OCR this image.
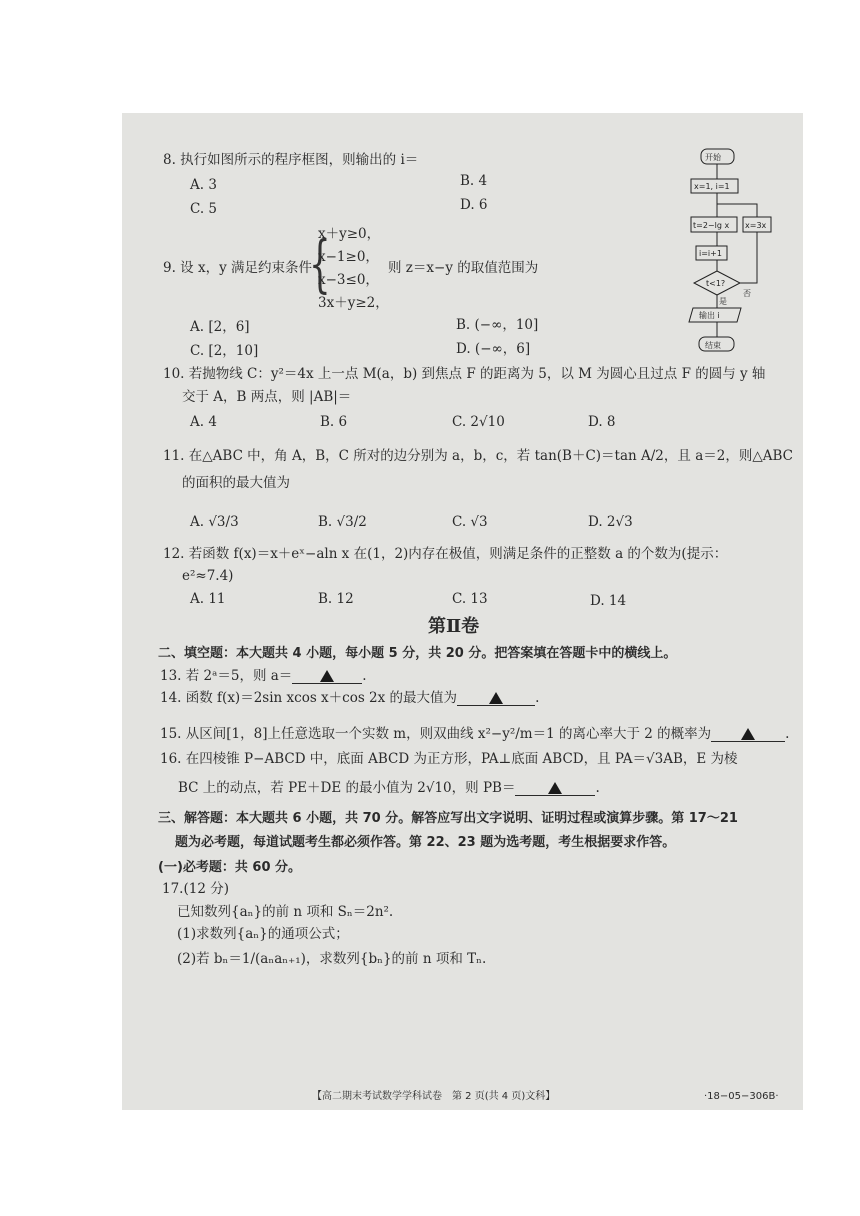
8. 执行如图所示的程序框图，则输出的 i＝
A. 3	B. 4
C. 5	D. 6
开始
x=1, i=1
t=2−lg x
i=i+1
t<1?
x=3x
是
否
输出 i
结束
9. 设 x，y 满足约束条件
{
x＋y≥0，
x−1≥0，
x−3≤0，
3x＋y≥2，
则 z＝x−y 的取值范围为
A. [2，6]	B. (−∞，10]
C. [2，10]	D. (−∞，6]
10. 若抛物线 C：y²＝4x 上一点 M(a，b) 到焦点 F 的距离为 5，以 M 为圆心且过点 F 的圆与 y 轴
交于 A，B 两点，则 |AB|＝
A. 4	B. 6	C. 2√10	D. 8
11. 在△ABC 中，角 A，B，C 所对的边分别为 a，b，c，若 tan(B＋C)＝tan A/2，且 a＝2，则△ABC
的面积的最大值为
A. √3/3	B. √3/2	C. √3	D. 2√3
12. 若函数 f(x)＝x＋eˣ−aln x 在(1，2)内存在极值，则满足条件的正整数 a 的个数为(提示：
e²≈7.4)
A. 11	B. 12	C. 13	D. 14
第Ⅱ卷
二、填空题：本大题共 4 小题，每小题 5 分，共 20 分。把答案填在答题卡中的横线上。
13. 若 2ᵃ＝5，则 a＝	.
14. 函数 f(x)＝2sin xcos x＋cos 2x 的最大值为	.
15. 从区间[1，8]上任意选取一个实数 m，则双曲线 x²−y²/m＝1 的离心率大于 2 的概率为	.
16. 在四棱锥 P−ABCD 中，底面 ABCD 为正方形，PA⊥底面 ABCD，且 PA＝√3AB，E 为棱
BC 上的动点，若 PE＋DE 的最小值为 2√10，则 PB＝	.
三、解答题：本大题共 6 小题，共 70 分。解答应写出文字说明、证明过程或演算步骤。第 17～21
题为必考题，每道试题考生都必须作答。第 22、23 题为选考题，考生根据要求作答。
(一)必考题：共 60 分。
17.(12 分)
已知数列{aₙ}的前 n 项和 Sₙ＝2n².
(1)求数列{aₙ}的通项公式；
(2)若 bₙ＝1/(aₙaₙ₊₁)，求数列{bₙ}的前 n 项和 Tₙ.
【高二期末考试数学学科试卷　第 2 页(共 4 页)文科】	·18−05−306B·
